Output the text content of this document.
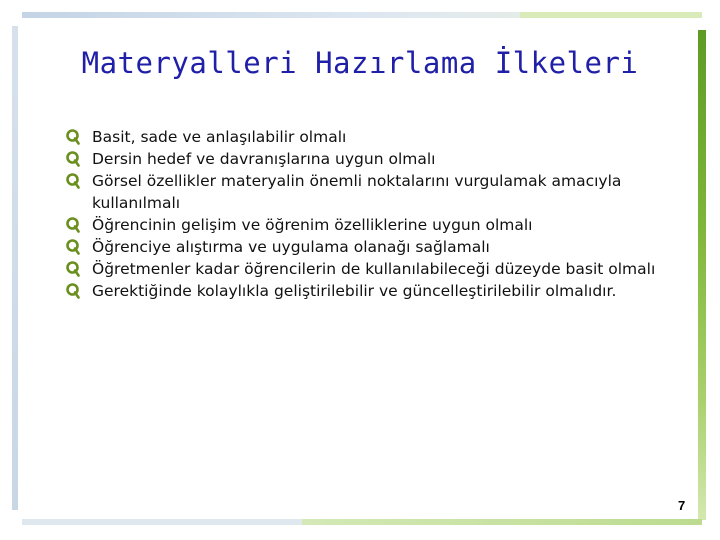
Materyalleri Hazırlama İlkeleri
Basit, sade ve anlaşılabilir olmalı
Dersin hedef ve davranışlarına uygun olmalı
Görsel özellikler materyalin önemli noktalarını vurgulamak amacıyla kullanılmalı
Öğrencinin gelişim ve öğrenim özelliklerine uygun olmalı
Öğrenciye alıştırma ve uygulama olanağı sağlamalı
Öğretmenler kadar öğrencilerin de kullanılabileceği düzeyde basit olmalı
Gerektiğinde kolaylıkla geliştirilebilir ve güncelleştirilebilir olmalıdır.
7
